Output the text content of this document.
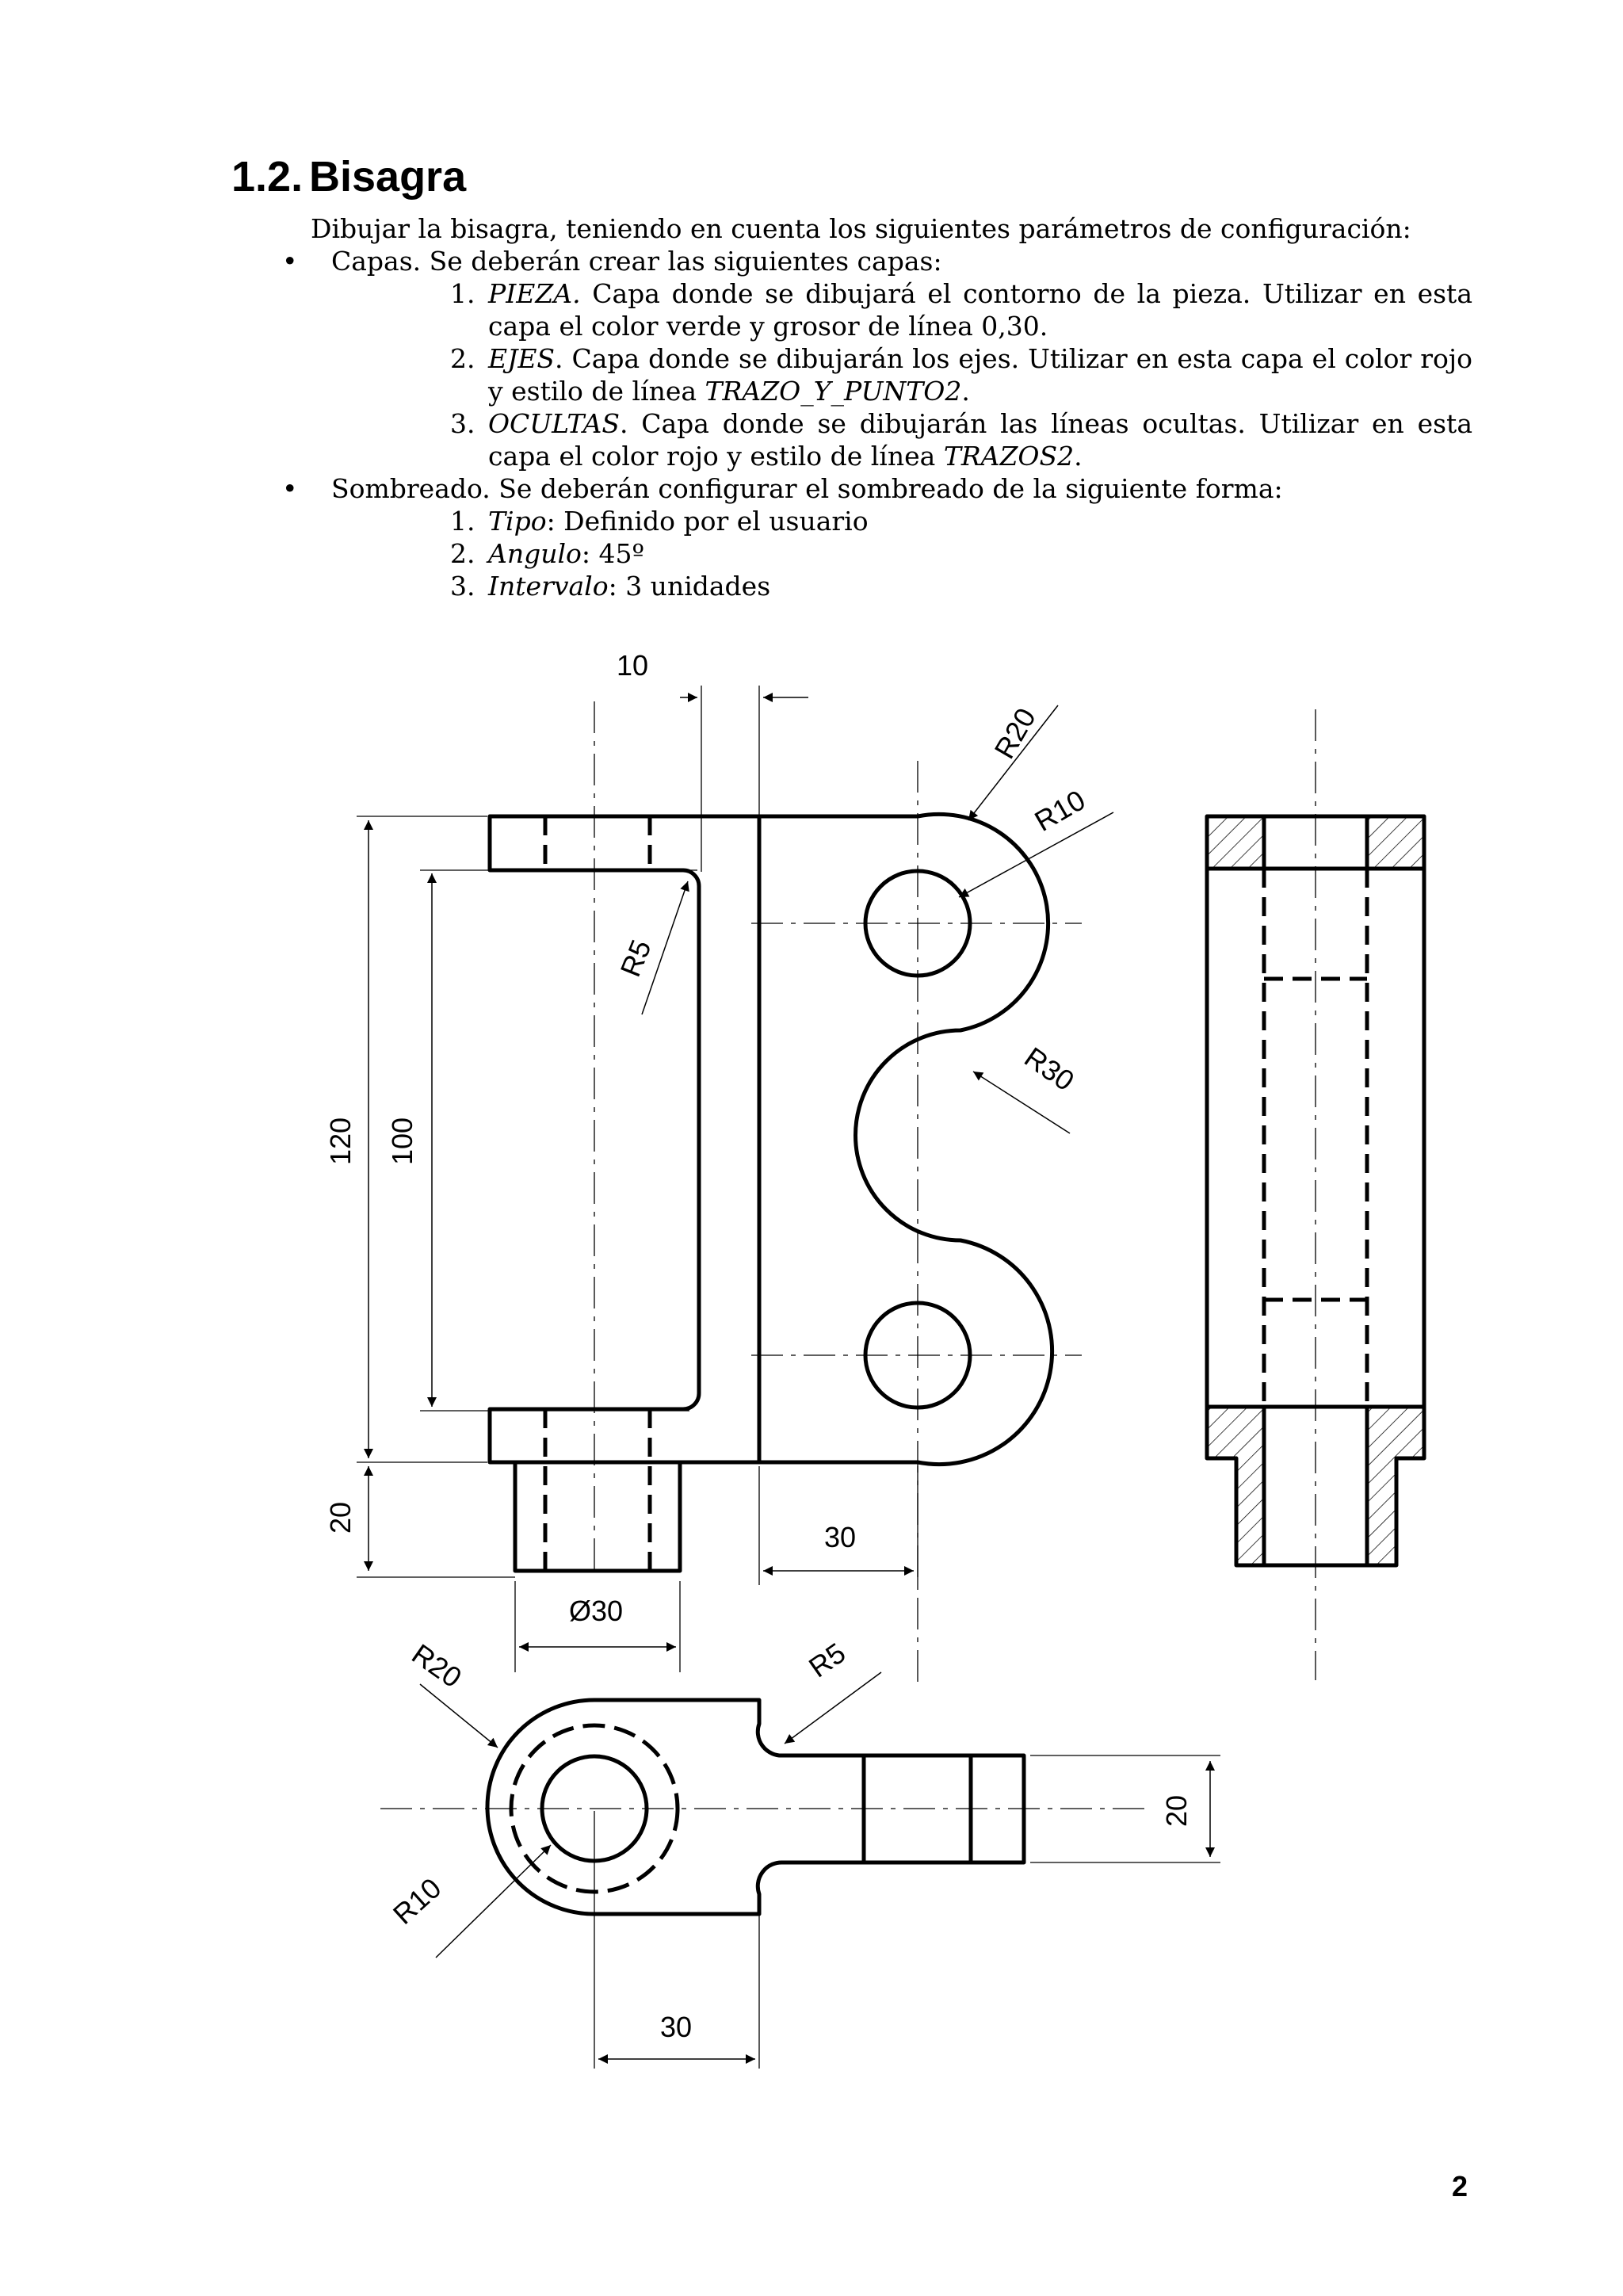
1.2. Bisagra

Dibujar la bisagra, teniendo en cuenta los siguientes parámetros de configuración:

• Capas. Se deberán crear las siguientes capas:
1. PIEZA. Capa donde se dibujará el contorno de la pieza. Utilizar en esta capa el color verde y grosor de línea 0,30.
2. EJES. Capa donde se dibujarán los ejes. Utilizar en esta capa el color rojo y estilo de línea TRAZO_Y_PUNTO2.
3. OCULTAS. Capa donde se dibujarán las líneas ocultas. Utilizar en esta capa el color rojo y estilo de línea TRAZOS2.
• Sombreado. Se deberán configurar el sombreado de la siguiente forma:
1. Tipo: Definido por el usuario
2. Angulo: 45º
3. Intervalo: 3 unidades
10
R20
R10
R5
R30
120 100
20
30
Ø30
R20	R5
R10
20
30
2
